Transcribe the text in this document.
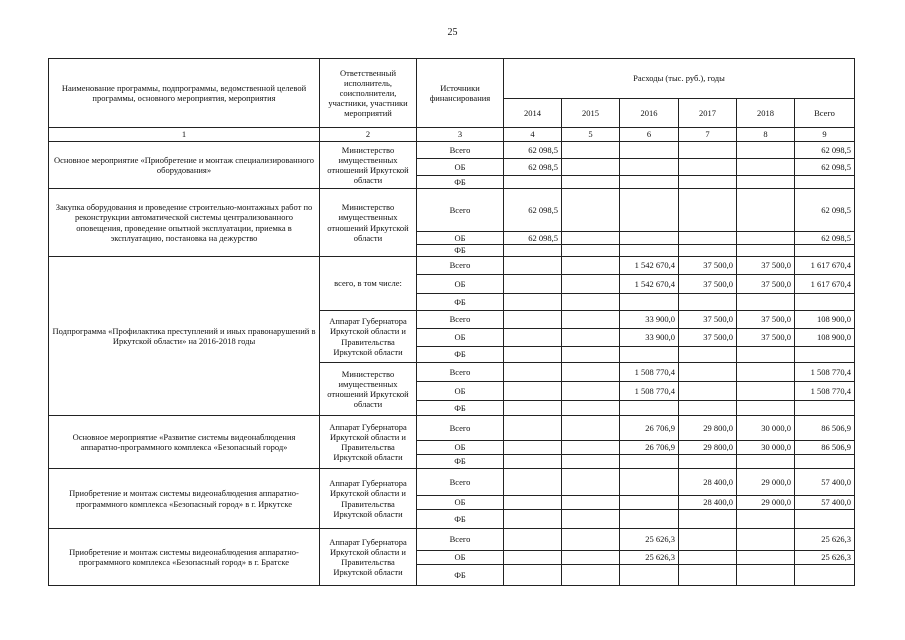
25
Наименование программы, подпрограммы, ведомственной целевой программы, основного мероприятия, мероприятия	Ответственный исполнитель, соисполнители, участники, участники мероприятий	Источники финансирования	Расходы (тыс. руб.), годы					
			2014	2015	2016	2017	2018	Всего
1	2	3	4	5	6	7	8	9
Основное мероприятие «Приобретение и монтаж специализированного оборудования»	Министерство имущественных отношений Иркутской области	Всего	62 098,5					62 098,5
		ОБ	62 098,5					62 098,5
		ФБ						
Закупка оборудования и проведение строительно-монтажных работ по реконструкции автоматической системы централизованного оповещения, проведение опытной эксплуатации, приемка в эксплуатацию, постановка на дежурство	Министерство имущественных отношений Иркутской области	Всего	62 098,5					62 098,5
		ОБ	62 098,5					62 098,5
		ФБ						
Подпрограмма «Профилактика преступлений и иных правонарушений в Иркутской области» на 2016-2018 годы	всего, в том числе:	Всего			1 542 670,4	37 500,0	37 500,0	1 617 670,4
		ОБ			1 542 670,4	37 500,0	37 500,0	1 617 670,4
		ФБ						
	Аппарат Губернатора Иркутской области и Правительства Иркутской области	Всего			33 900,0	37 500,0	37 500,0	108 900,0
		ОБ			33 900,0	37 500,0	37 500,0	108 900,0
		ФБ						
	Министерство имущественных отношений Иркутской области	Всего			1 508 770,4			1 508 770,4
		ОБ			1 508 770,4			1 508 770,4
		ФБ						
Основное мероприятие «Развитие системы видеонаблюдения аппаратно-программного комплекса «Безопасный город»	Аппарат Губернатора Иркутской области и Правительства Иркутской области	Всего			26 706,9	29 800,0	30 000,0	86 506,9
		ОБ			26 706,9	29 800,0	30 000,0	86 506,9
		ФБ						
Приобретение и монтаж системы видеонаблюдения аппаратно-программного комплекса «Безопасный город» в г. Иркутске	Аппарат Губернатора Иркутской области и Правительства Иркутской области	Всего				28 400,0	29 000,0	57 400,0
		ОБ				28 400,0	29 000,0	57 400,0
		ФБ						
Приобретение и монтаж системы видеонаблюдения аппаратно-программного комплекса «Безопасный город» в г. Братске	Аппарат Губернатора Иркутской области и Правительства Иркутской области	Всего			25 626,3			25 626,3
		ОБ			25 626,3			25 626,3
		ФБ						
